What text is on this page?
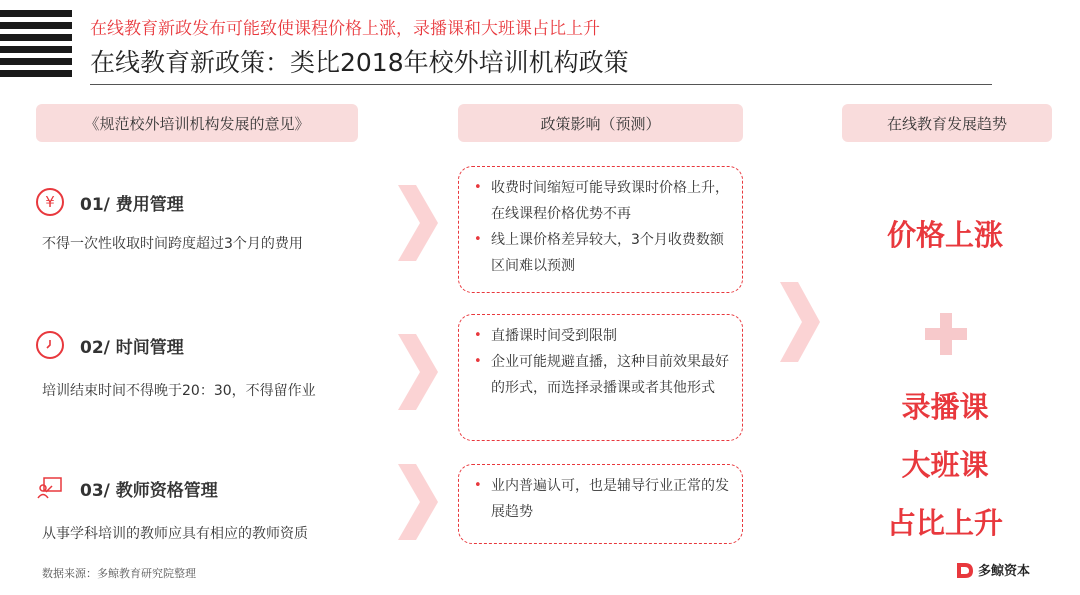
在线教育新政发布可能致使课程价格上涨，录播课和大班课占比上升
在线教育新政策：类比2018年校外培训机构政策
《规范校外培训机构发展的意见》	政策影响（预测）	在线教育发展趋势
¥	01/ 费用管理
不得一次性收取时间跨度超过3个月的费用
02/ 时间管理
培训结束时间不得晚于20：30，不得留作业
03/ 教师资格管理
从事学科培训的教师应具有相应的教师资质
• 收费时间缩短可能导致课时价格上升，在线课程价格优势不再
• 线上课价格差异较大，3个月收费数额区间难以预测
• 直播课时间受到限制
• 企业可能规避直播，这种目前效果最好的形式，而选择录播课或者其他形式
• 业内普遍认可，也是辅导行业正常的发展趋势
价格上涨
录播课
大班课
占比上升
数据来源：多鲸教育研究院整理	多鲸资本
